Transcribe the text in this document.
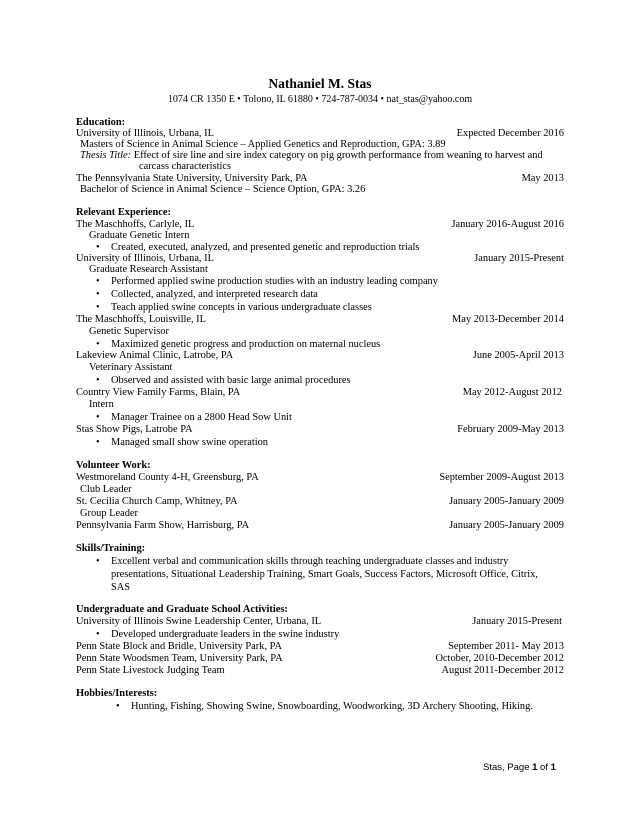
Nathaniel M. Stas
1074 CR 1350 E • Tolono, IL 61880 • 724-787-0034 • nat_stas@yahoo.com
Education:
University of Illinois, Urbana, IL	Expected December 2016
Masters of Science in Animal Science – Applied Genetics and Reproduction, GPA: 3.89
Thesis Title: Effect of sire line and sire index category on pig growth performance from weaning to harvest and
carcass characteristics
The Pennsylvania State University, University Park, PA	May 2013
Bachelor of Science in Animal Science – Science Option, GPA: 3.26
Relevant Experience:
The Maschhoffs, Carlyle, IL	January 2016-August 2016
Graduate Genetic Intern
• Created, executed, analyzed, and presented genetic and reproduction trials
University of Illinois, Urbana, IL	January 2015-Present
Graduate Research Assistant
• Performed applied swine production studies with an industry leading company
• Collected, analyzed, and interpreted research data
• Teach applied swine concepts in various undergraduate classes
The Maschhoffs, Louisville, IL	May 2013-December 2014
Genetic Supervisor
• Maximized genetic progress and production on maternal nucleus
Lakeview Animal Clinic, Latrobe, PA	June 2005-April 2013
Veterinary Assistant
• Observed and assisted with basic large animal procedures
Country View Family Farms, Blain, PA	May 2012-August 2012
Intern
• Manager Trainee on a 2800 Head Sow Unit
Stas Show Pigs, Latrobe PA	February 2009-May 2013
• Managed small show swine operation
Volunteer Work:
Westmoreland County 4-H, Greensburg, PA	September 2009-August 2013
Club Leader
St. Cecilia Church Camp, Whitney, PA	January 2005-January 2009
Group Leader
Pennsylvania Farm Show, Harrisburg, PA	January 2005-January 2009
Skills/Training:
• Excellent verbal and communication skills through teaching undergraduate classes and industry
presentations, Situational Leadership Training, Smart Goals, Success Factors, Microsoft Office, Citrix,
SAS
Undergraduate and Graduate School Activities:
University of Illinois Swine Leadership Center, Urbana, IL	January 2015-Present
• Developed undergraduate leaders in the swine industry
Penn State Block and Bridle, University Park, PA	September 2011- May 2013
Penn State Woodsmen Team, University Park, PA	October, 2010-December 2012
Penn State Livestock Judging Team	August 2011-December 2012
Hobbies/Interests:
• Hunting, Fishing, Showing Swine, Snowboarding, Woodworking, 3D Archery Shooting, Hiking.
Stas, Page 1 of 1
